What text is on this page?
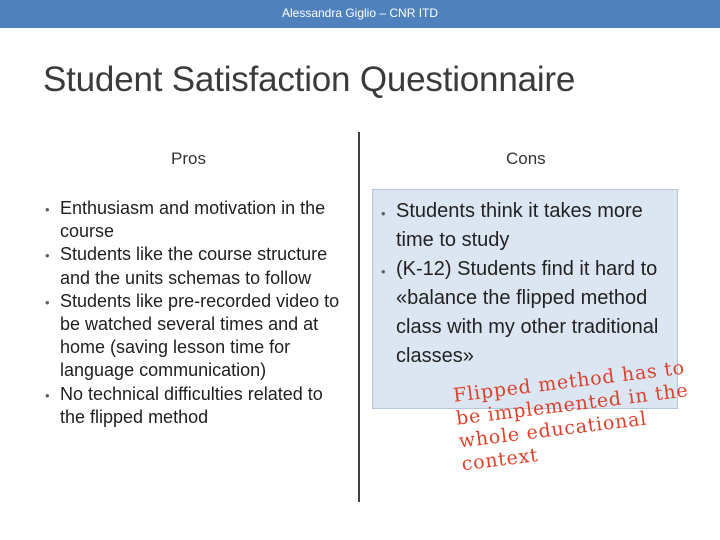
Alessandra Giglio – CNR ITD
Student Satisfaction Questionnaire
Pros	Cons
• Enthusiasm and motivation in the course
• Students like the course structure and the units schemas to follow
• Students like pre-recorded video to be watched several times and at home (saving lesson time for language communication)
• No technical difficulties related to the flipped method
• Students think it takes more time to study
• (K-12) Students find it hard to «balance the flipped method class with my other traditional classes»
Flipped method has to be implemented in the whole educational context
